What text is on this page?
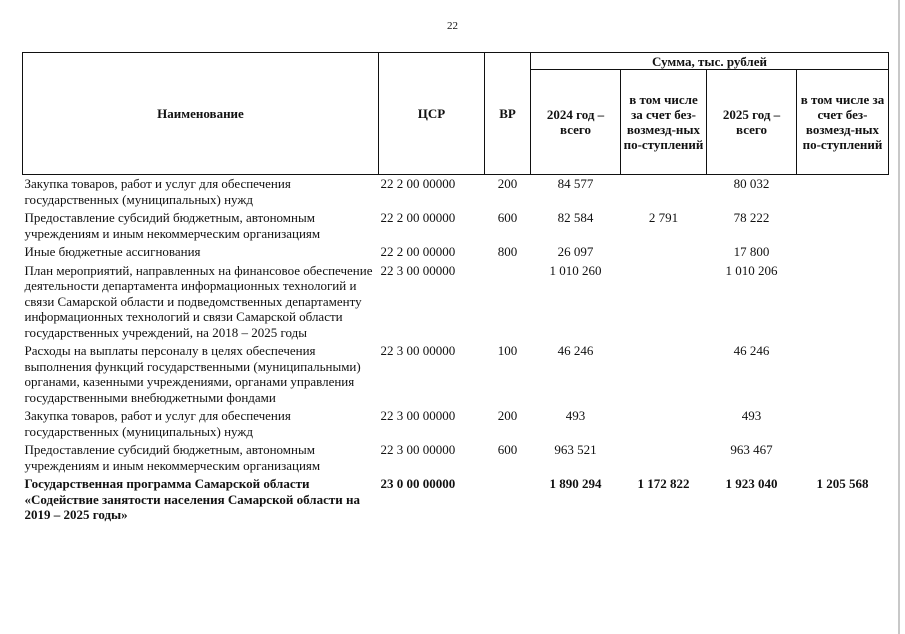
22
Наименование	ЦСР	ВР	Сумма, тыс. рублей			
			2024 год – всего	в том числе за счет без-возмезд-ных по-ступлений	2025 год – всего	в том числе за счет без-возмезд-ных по-ступлений
Закупка товаров, работ и услуг для обеспечения государственных (муниципальных) нужд	22 2 00 00000	200	84 577		80 032	
Предоставление субсидий бюджетным, автономным учреждениям и иным некоммерческим организациям	22 2 00 00000	600	82 584	2 791	78 222	
Иные бюджетные ассигнования	22 2 00 00000	800	26 097		17 800	
План мероприятий, направленных на финансовое обеспечение деятельности департамента информационных технологий и связи Самарской области и подведомственных департаменту информационных технологий и связи Самарской области государственных учреждений, на 2018 – 2025 годы	22 3 00 00000		1 010 260		1 010 206	
Расходы на выплаты персоналу в целях обеспечения выполнения функций государственными (муниципальными) органами, казенными учреждениями, органами управления государственными внебюджетными фондами	22 3 00 00000	100	46 246		46 246	
Закупка товаров, работ и услуг для обеспечения государственных (муниципальных) нужд	22 3 00 00000	200	493		493	
Предоставление субсидий бюджетным, автономным учреждениям и иным некоммерческим организациям	22 3 00 00000	600	963 521		963 467	
Государственная программа Самарской области «Содействие занятости населения Самарской области на 2019 – 2025 годы»	23 0 00 00000		1 890 294	1 172 822	1 923 040	1 205 568
